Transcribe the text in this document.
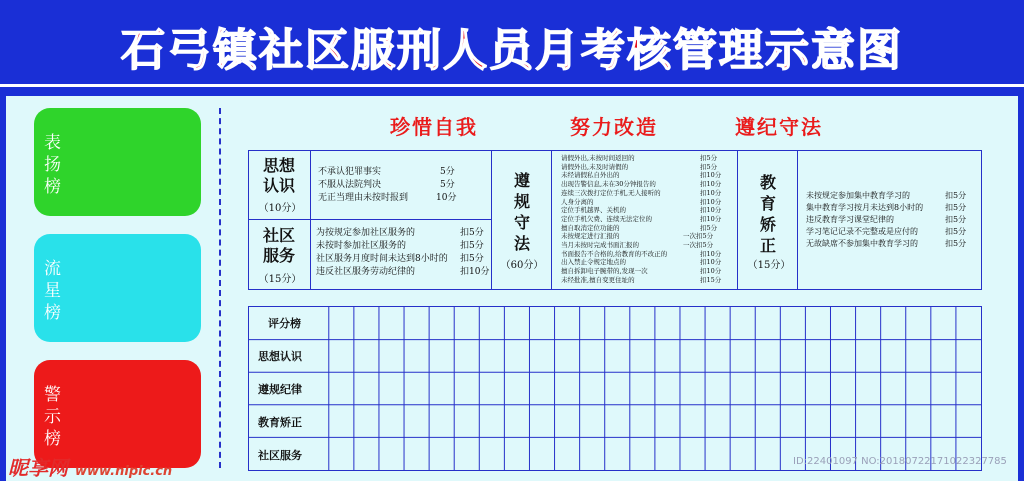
石弓镇社区服刑人员月考核管理示意图
表扬榜
流星榜
警示榜
珍惜自我	努力改造	遵纪守法
思想认识
（10分）
不承认犯罪事实	5分
不服从法院判决	5分
无正当理由未按时报到	10分
社区服务
（15分）
为按规定参加社区服务的	扣5分
未按时参加社区服务的	扣5分
社区服务月度时间未达到8小时的 扣5分
违反社区服务劳动纪律的	扣10分
遵规守法
（60分）
请假外出,未按时间返回的	扣5分
请假外出,未及时请假的	扣5分
未经请假私自外出的	扣10分
出现告警信息,未在30分钟报告的	扣10分
连续三次拨打定位手机,无人接听的	扣10分
人身分离的	扣10分
定位手机越界、关机的	扣10分
定位手机欠费、连续无法定位的	扣10分
擅自取消定位功能的	扣5分
未按规定进行汇报的	一次扣5分
当月未按时完成书面汇报的	一次扣5分
书面报告不合格的,给教育的不改正的	扣10分
出入禁止令规定地点的	扣10分
擅自拆卸电子腕带的,发现一次	扣10分
未经批准,擅自变更住址的	扣15分
教育矫正
（15分）
未按规定参加集中教育学习的	扣5分
集中教育学习按月未达到8小时的	扣5分
违反教育学习课堂纪律的	扣5分
学习笔记记录不完整或是应付的	扣5分
无故缺席不参加集中教育学习的	扣5分
评分榜
思想认识
遵规纪律
教育矫正
社区服务
昵享网 www.nipic.cn
ID:22401097 NO:20180722171022327785
